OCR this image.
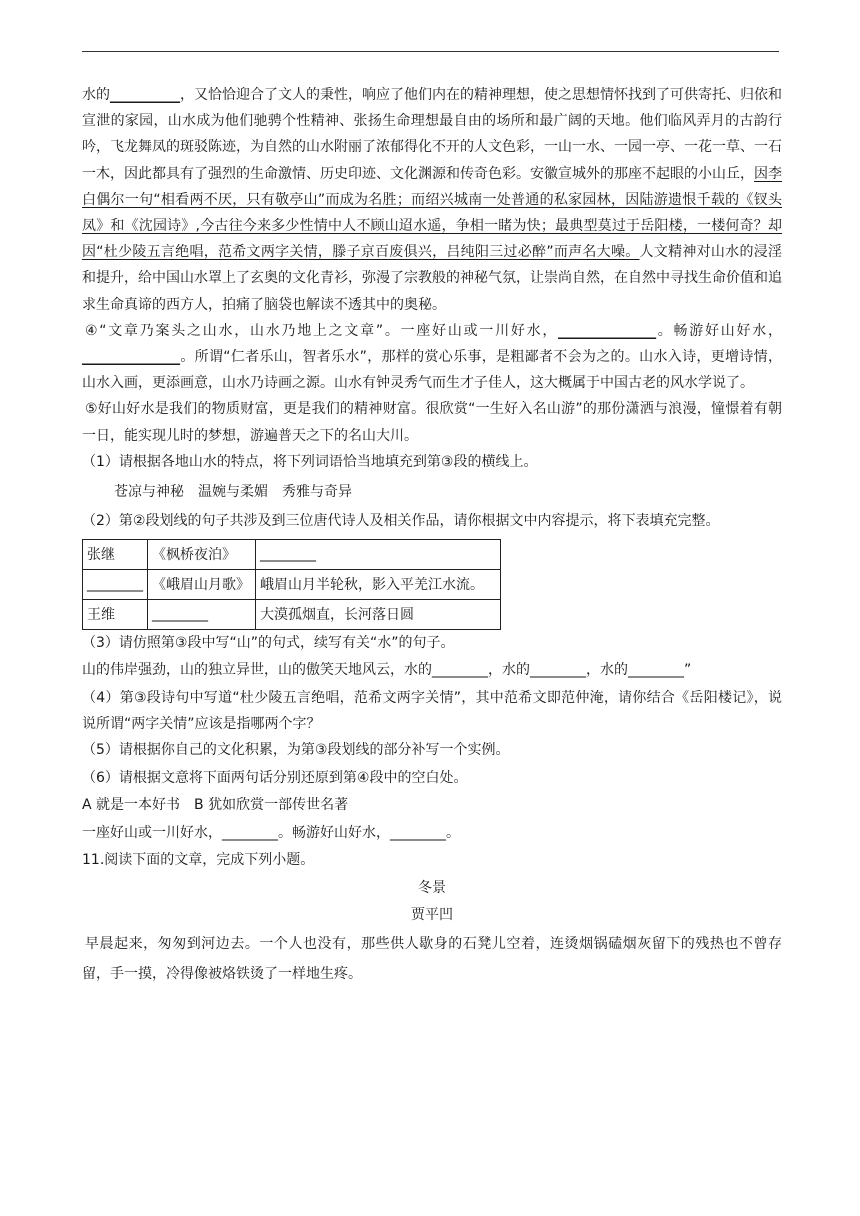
水的__________，又恰恰迎合了文人的秉性，响应了他们内在的精神理想，使之思想情怀找到了可供寄托、归依和宣泄的家园，山水成为他们驰骋个性精神、张扬生命理想最自由的场所和最广阔的天地。他们临风弄月的古韵行吟，飞龙舞凤的斑驳陈迹，为自然的山水附丽了浓郁得化不开的人文色彩，一山一水、一园一亭、一花一草、一石一木，因此都具有了强烈的生命激情、历史印迹、文化渊源和传奇色彩。安徽宣城外的那座不起眼的小山丘，因李白偶尔一句“相看两不厌，只有敬亭山”而成为名胜；而绍兴城南一处普通的私家园林，因陆游遗恨千载的《钗头凤》和《沈园诗》,今古往今来多少性情中人不顾山迢水遥，争相一睹为快；最典型莫过于岳阳楼，一楼何奇？却因“杜少陵五言绝唱，范希文两字关情，滕子京百废俱兴，吕纯阳三过必醉”而声名大噪。人文精神对山水的浸淫和提升，给中国山水罩上了玄奥的文化青衫，弥漫了宗教般的神秘气氛，让崇尚自然，在自然中寻找生命价值和追求生命真谛的西方人，拍痛了脑袋也解读不透其中的奥秘。

④“文章乃案头之山水，山水乃地上之文章”。一座好山或一川好水，______________。畅游好山好水，______________。所谓“仁者乐山，智者乐水”，那样的赏心乐事，是粗鄙者不会为之的。山水入诗，更增诗情，山水入画，更添画意，山水乃诗画之源。山水有钟灵秀气而生才子佳人，这大概属于中国古老的风水学说了。

⑤好山好水是我们的物质财富，更是我们的精神财富。很欣赏“一生好入名山游”的那份潇洒与浪漫，憧憬着有朝一日，能实现儿时的梦想，游遍普天之下的名山大川。

（1）请根据各地山水的特点，将下列词语恰当地填充到第③段的横线上。

苍凉与神秘　温婉与柔媚　秀雅与奇异

（2）第②段划线的句子共涉及到三位唐代诗人及相关作品，请你根据文中内容提示，将下表填充完整。

张继	《枫桥夜泊》	________
________	《峨眉山月歌》	峨眉山月半轮秋，影入平羌江水流。
王维	________	大漠孤烟直，长河落日圆

（3）请仿照第③段中写“山”的句式，续写有关“水”的句子。

山的伟岸强劲，山的独立异世，山的傲笑天地风云，水的________，水的________，水的________”

（4）第③段诗句中写道“杜少陵五言绝唱，范希文两字关情”，其中范希文即范仲淹，请你结合《岳阳楼记》，说说所谓“两字关情”应该是指哪两个字？

（5）请根据你自己的文化积累，为第③段划线的部分补写一个实例。

（6）请根据文意将下面两句话分别还原到第④段中的空白处。

A 就是一本好书　B 犹如欣赏一部传世名著

一座好山或一川好水，________。畅游好山好水，________。

11.阅读下面的文章，完成下列小题。

冬景

贾平凹

早晨起来，匆匆到河边去。一个人也没有，那些供人歇身的石凳儿空着，连烫烟锅磕烟灰留下的残热也不曾存留，手一摸，冷得像被烙铁烫了一样地生疼。
